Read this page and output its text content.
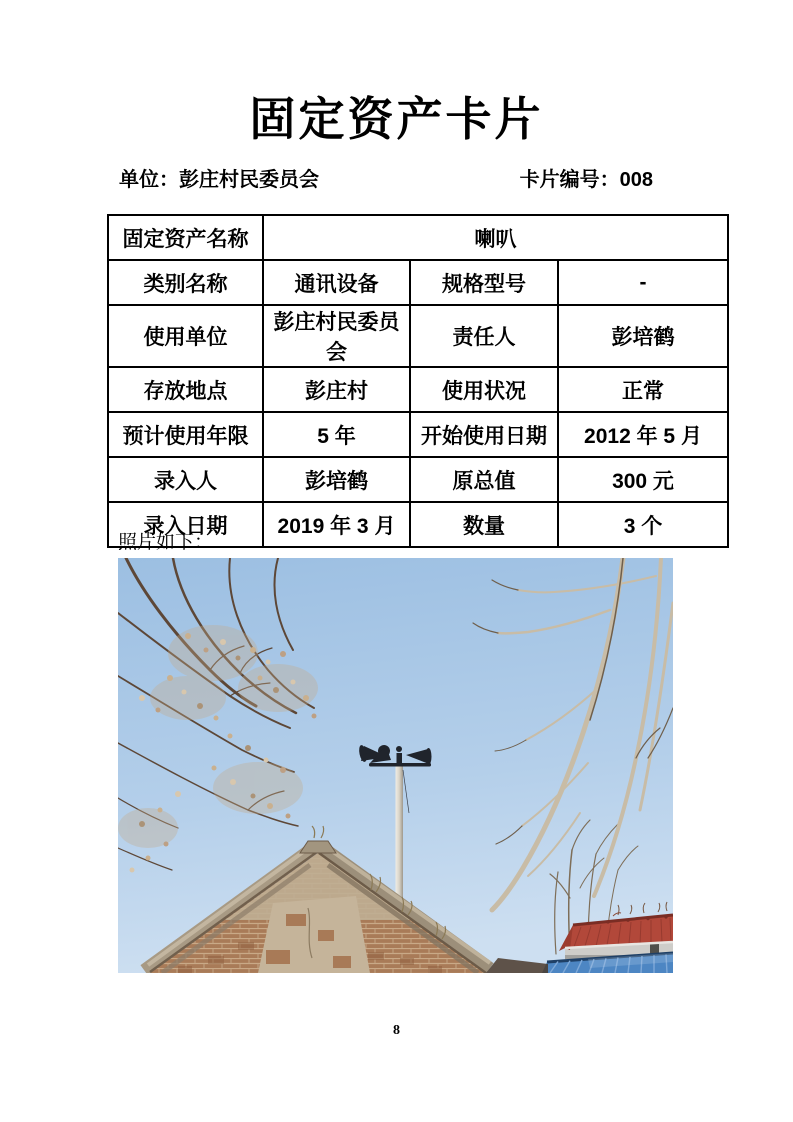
固定资产卡片
单位：彭庄村民委员会	卡片编号：008
固定资产名称	喇叭		
类别名称	通讯设备	规格型号	-
使用单位	彭庄村民委员会	责任人	彭培鹤
存放地点	彭庄村	使用状况	正常
预计使用年限	5 年	开始使用日期	2012 年 5 月
录入人	彭培鹤	原总值	300 元
录入日期	2019 年 3 月	数量	3 个
照片如下：
8
